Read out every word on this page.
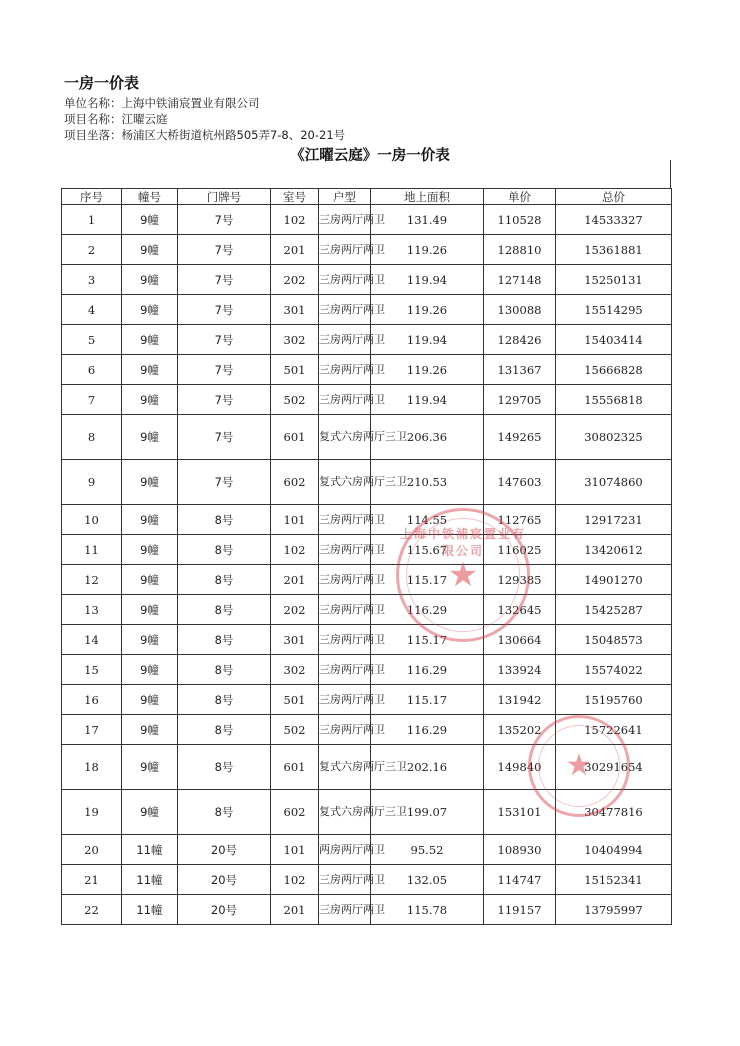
一房一价表
单位名称：上海中铁浦宸置业有限公司
项目名称：江曜云庭
项目坐落：杨浦区大桥街道杭州路505弄7-8、20-21号
《江曜云庭》一房一价表
序号	幢号	门牌号	室号	户型	地上面积	单价	总价
1	9幢	7号	102	三房两厅两卫	131.49	110528	14533327
2	9幢	7号	201	三房两厅两卫	119.26	128810	15361881
3	9幢	7号	202	三房两厅两卫	119.94	127148	15250131
4	9幢	7号	301	三房两厅两卫	119.26	130088	15514295
5	9幢	7号	302	三房两厅两卫	119.94	128426	15403414
6	9幢	7号	501	三房两厅两卫	119.26	131367	15666828
7	9幢	7号	502	三房两厅两卫	119.94	129705	15556818
8	9幢	7号	601	复式六房两厅三卫	206.36	149265	30802325
9	9幢	7号	602	复式六房两厅三卫	210.53	147603	31074860
10	9幢	8号	101	三房两厅两卫	114.55	112765	12917231
11	9幢	8号	102	三房两厅两卫	115.67	116025	13420612
12	9幢	8号	201	三房两厅两卫	115.17	129385	14901270
13	9幢	8号	202	三房两厅两卫	116.29	132645	15425287
14	9幢	8号	301	三房两厅两卫	115.17	130664	15048573
15	9幢	8号	302	三房两厅两卫	116.29	133924	15574022
16	9幢	8号	501	三房两厅两卫	115.17	131942	15195760
17	9幢	8号	502	三房两厅两卫	116.29	135202	15722641
18	9幢	8号	601	复式六房两厅三卫	202.16	149840	30291654
19	9幢	8号	602	复式六房两厅三卫	199.07	153101	30477816
20	11幢	20号	101	两房两厅两卫	95.52	108930	10404994
21	11幢	20号	102	三房两厅两卫	132.05	114747	15152341
22	11幢	20号	201	三房两厅两卫	115.78	119157	13795997
上海中铁浦宸置业有限公司
★
★
